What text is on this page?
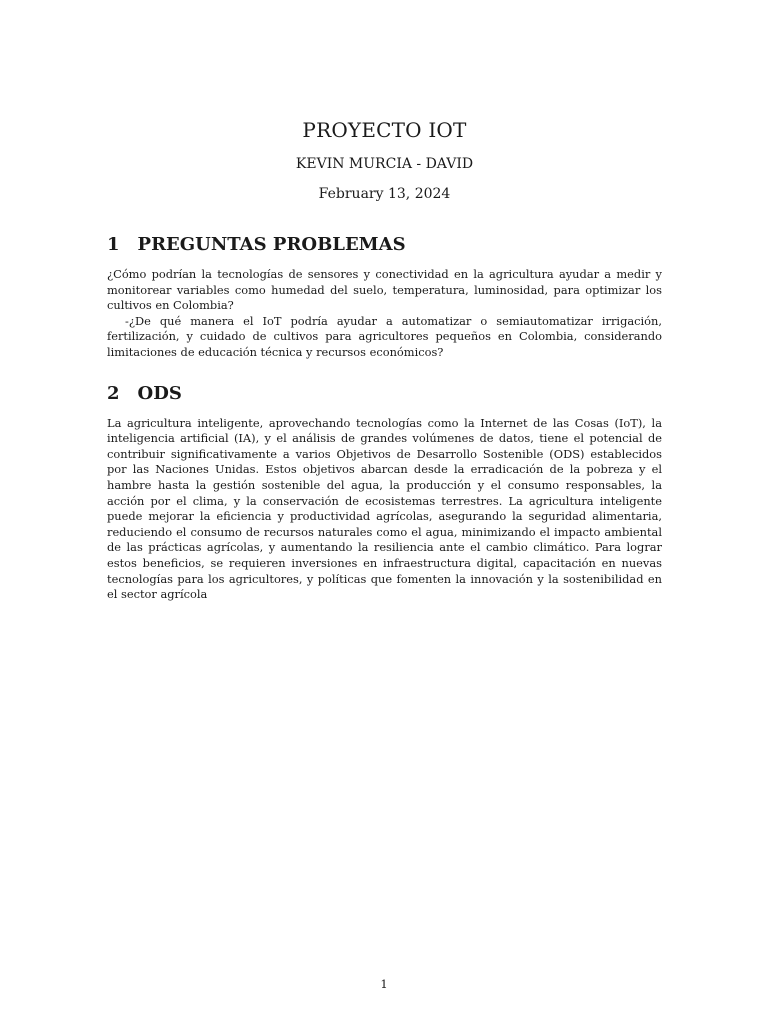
PROYECTO IOT
KEVIN MURCIA - DAVID
February 13, 2024
1 PREGUNTAS PROBLEMAS

¿Cómo podrían la tecnologías de sensores y conectividad en la agricultura ayudar a medir y monitorear variables como humedad del suelo, temperatura, luminosidad, para optimizar los cultivos en Colombia?

-¿De qué manera el IoT podría ayudar a automatizar o semiautomatizar irrigación, fertilización, y cuidado de cultivos para agricultores pequeños en Colombia, considerando limitaciones de educación técnica y recursos económicos?

2 ODS

La agricultura inteligente, aprovechando tecnologías como la Internet de las Cosas (IoT), la inteligencia artificial (IA), y el análisis de grandes volúmenes de datos, tiene el potencial de contribuir significativamente a varios Objetivos de Desarrollo Sostenible (ODS) establecidos por las Naciones Unidas. Estos objetivos abarcan desde la erradicación de la pobreza y el hambre hasta la gestión sostenible del agua, la producción y el consumo responsables, la acción por el clima, y la conservación de ecosistemas terrestres. La agricultura inteligente puede mejorar la eficiencia y productividad agrícolas, asegurando la seguridad alimentaria, reduciendo el consumo de recursos naturales como el agua, minimizando el impacto ambiental de las prácticas agrícolas, y aumentando la resiliencia ante el cambio climático. Para lograr estos beneficios, se requieren inversiones en infraestructura digital, capacitación en nuevas tecnologías para los agricultores, y políticas que fomenten la innovación y la sostenibilidad en el sector agrícola

1
